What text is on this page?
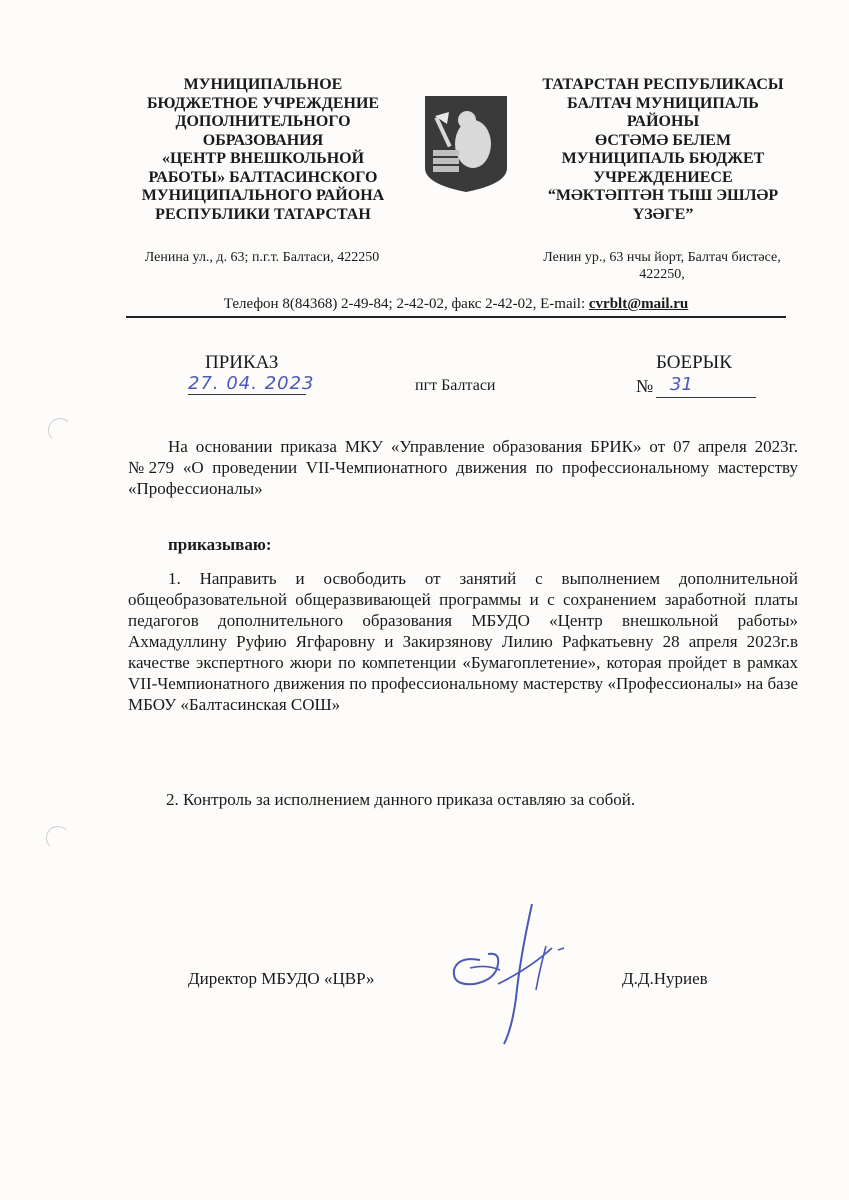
МУНИЦИПАЛЬНОЕ
БЮДЖЕТНОЕ УЧРЕЖДЕНИЕ
ДОПОЛНИТЕЛЬНОГО
ОБРАЗОВАНИЯ
«ЦЕНТР ВНЕШКОЛЬНОЙ
РАБОТЫ» БАЛТАСИНСКОГО
МУНИЦИПАЛЬНОГО РАЙОНА
РЕСПУБЛИКИ ТАТАРСТАН
ТАТАРСТАН РЕСПУБЛИКАСЫ
БАЛТАЧ МУНИЦИПАЛЬ
РАЙОНЫ
ӨСТӘМӘ БЕЛЕМ
МУНИЦИПАЛЬ БЮДЖЕТ
УЧРЕЖДЕНИЕСЕ
“МӘКТӘПТӘН ТЫШ ЭШЛӘР
ҮЗӘГЕ”
Ленина ул., д. 63; п.г.т. Балтаси, 422250	Ленин ур., 63 нчы йорт, Балтач бистәсе, 422250,
Телефон 8(84368) 2-49-84; 2-42-02, факс 2-42-02, E-mail: cvrblt@mail.ru
ПРИКАЗ	БОЕРЫК
27. 04. 2023	пгт Балтаси	№ 31
На основании приказа МКУ «Управление образования БРИК» от 07 апреля 2023г. №279 «О проведении VII-Чемпионатного движения по профессиональному мастерству «Профессионалы»
приказываю:
1. Направить и освободить от занятий с выполнением дополнительной общеобразовательной общеразвивающей программы и с сохранением заработной платы педагогов дополнительного образования МБУДО «Центр внешкольной работы» Ахмадуллину Руфию Ягфаровну и Закирзянову Лилию Рафкатьевну 28 апреля 2023г.в качестве экспертного жюри по компетенции «Бумагоплетение», которая пройдет в рамках VII-Чемпионатного движения по профессиональному мастерству «Профессионалы» на базе МБОУ «Балтасинская СОШ»
2. Контроль за исполнением данного приказа оставляю за собой.
Директор МБУДО «ЦВР»	Д.Д.Нуриев
